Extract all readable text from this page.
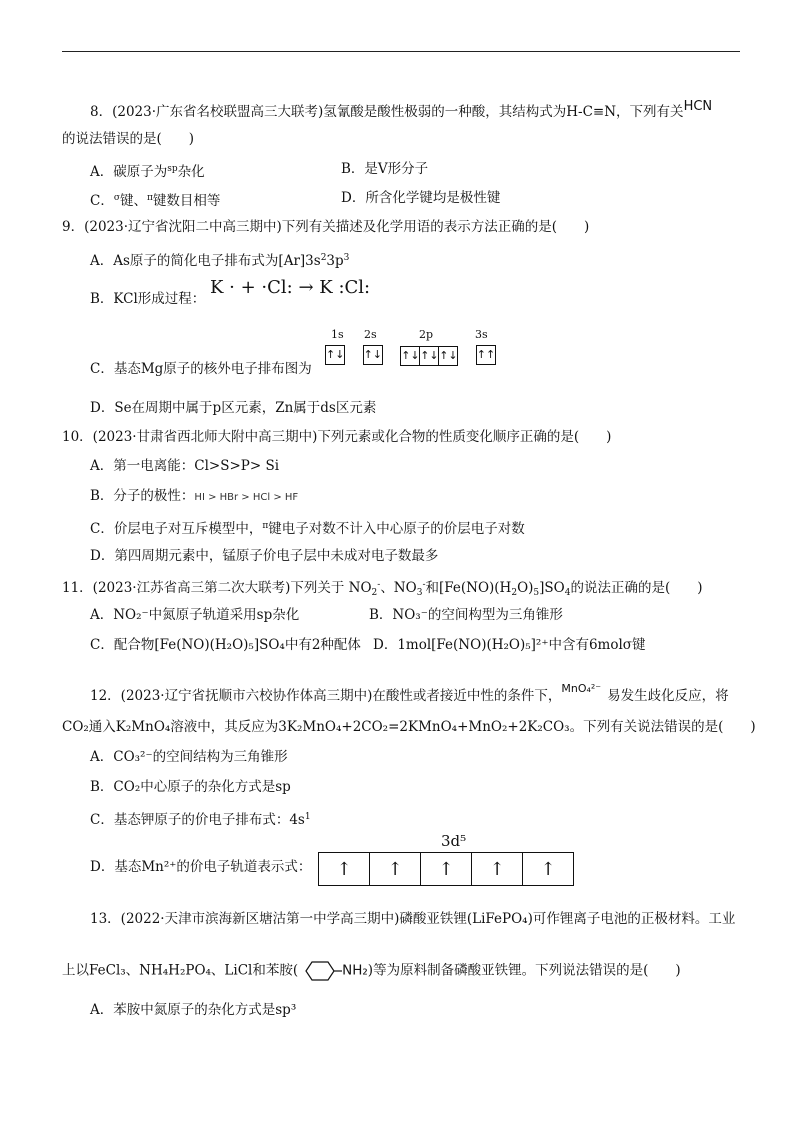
8．(2023·广东省名校联盟高三大联考)氢氰酸是酸性极弱的一种酸，其结构式为H-C≡N，下列有关HCN
的说法错误的是(　　)
A．碳原子为$^{sp}$杂化	B．是V形分子
C．$^\sigma$键、$^\pi$键数目相等	D．所含化学键均是极性键
9．(2023·辽宁省沈阳二中高三期中)下列有关描述及化学用语的表示方法正确的是(　　)
A．As原子的简化电子排布式为$[Ar]3s^23p^3$
B．KCl形成过程：
K · + ·Cl: → K :Cl:
C．基态Mg原子的核外电子排布图为
1s 2s	2p	3s
↑↓ ↑↓ ↑↓ ↑↓ ↑↓ ↑↑
D．Se在周期中属于p区元素，Zn属于ds区元素
10．(2023·甘肃省西北师大附中高三期中)下列元素或化合物的性质变化顺序正确的是(　　)
A．第一电离能：Cl>S>P> Si
B．分子的极性：HI > HBr > HCl > HF
C．价层电子对互斥模型中，$^\pi$键电子对数不计入中心原子的价层电子对数
D．第四周期元素中，锰原子价电子层中未成对电子数最多
11．(2023·江苏省高三第二次大联考)下列关于 $NO_2^-$、$NO_3^-$和$[Fe(NO)(H_2O)_5]SO_4$的说法正确的是(　　)
A．NO₂⁻中氮原子轨道采用sp杂化	B．NO₃⁻的空间构型为三角锥形
C．配合物[Fe(NO)(H₂O)₅]SO₄中有2种配体 D．1mol[Fe(NO)(H₂O)₅]²⁺中含有6molσ键
12．(2023·辽宁省抚顺市六校协作体高三期中)在酸性或者接近中性的条件下，$^{MnO_4^{2-}}$ 易发生歧化反应，将
CO₂通入K₂MnO₄溶液中，其反应为3K₂MnO₄+2CO₂=2KMnO₄+MnO₂+2K₂CO₃。下列有关说法错误的是(　　)
A．CO₃²⁻的空间结构为三角锥形
B．CO₂中心原子的杂化方式是sp
C．基态钾原子的价电子排布式：$4s^1$
D．基态Mn²⁺的价电子轨道表示式：
3d⁵
↑	↑	↑	↑	↑
13．(2022·天津市滨海新区塘沽第一中学高三期中)磷酸亚铁锂(LiFePO₄)可作锂离子电池的正极材料。工业
上以FeCl₃、NH₄H₂PO₄、LiCl和苯胺(	NH₂)等为原料制备磷酸亚铁锂。下列说法错误的是(　　)
A．苯胺中氮原子的杂化方式是sp³
